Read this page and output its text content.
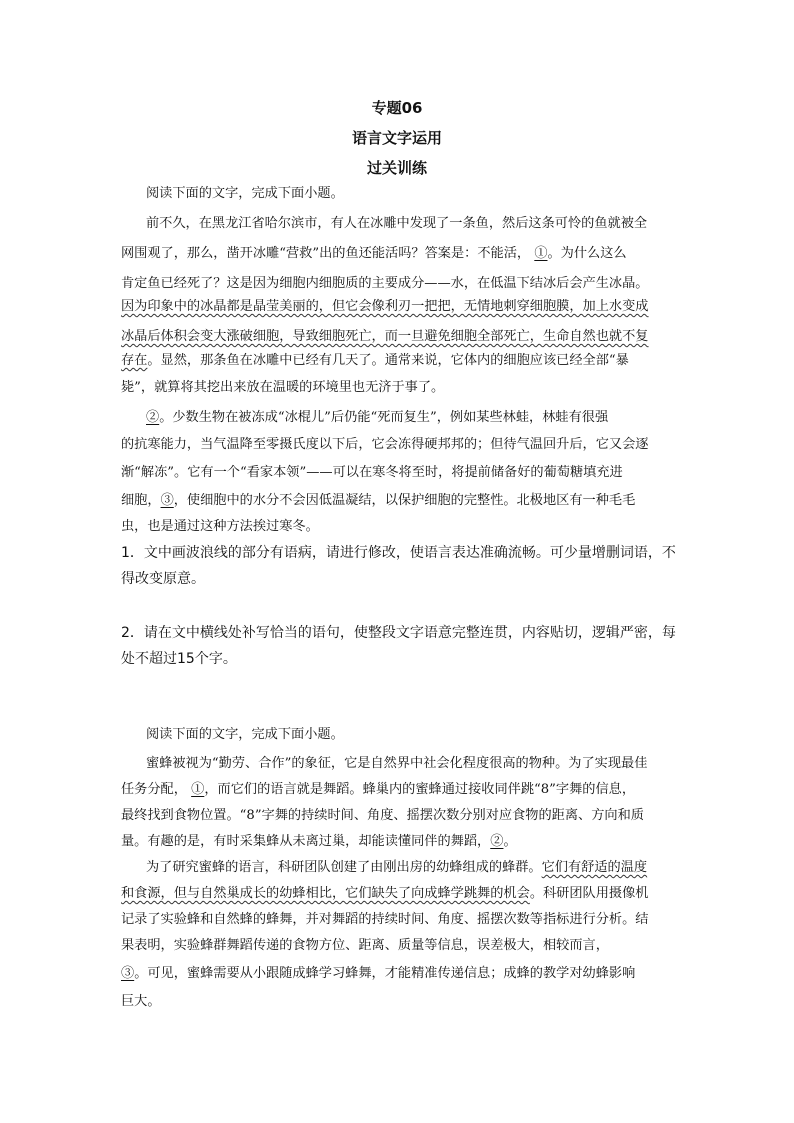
专题06
语言文字运用
过关训练
阅读下面的文字，完成下面小题。
前不久，在黑龙江省哈尔滨市，有人在冰雕中发现了一条鱼，然后这条可怜的鱼就被全
网围观了，那么，凿开冰雕“营救”出的鱼还能活吗？答案是：不能活， ①。为什么这么
肯定鱼已经死了？这是因为细胞内细胞质的主要成分——水，在低温下结冰后会产生冰晶。
因为印象中的冰晶都是晶莹美丽的，但它会像利刃一把把，无情地刺穿细胞膜，加上水变成
冰晶后体积会变大涨破细胞，导致细胞死亡，而一旦避免细胞全部死亡，生命自然也就不复
存在。显然，那条鱼在冰雕中已经有几天了。通常来说，它体内的细胞应该已经全部“暴
毙”，就算将其挖出来放在温暖的环境里也无济于事了。
②。少数生物在被冻成“冰棍儿”后仍能“死而复生”，例如某些林蛙，林蛙有很强
的抗寒能力，当气温降至零摄氏度以下后，它会冻得硬邦邦的；但待气温回升后，它又会逐
渐“解冻”。它有一个“看家本领”——可以在寒冬将至时，将提前储备好的葡萄糖填充进
细胞，③，使细胞中的水分不会因低温凝结，以保护细胞的完整性。北极地区有一种毛毛
虫，也是通过这种方法挨过寒冬。
1．文中画波浪线的部分有语病，请进行修改，使语言表达准确流畅。可少量增删词语，不
得改变原意。
2．请在文中横线处补写恰当的语句，使整段文字语意完整连贯，内容贴切，逻辑严密，每
处不超过15个字。
阅读下面的文字，完成下面小题。
蜜蜂被视为“勤劳、合作”的象征，它是自然界中社会化程度很高的物种。为了实现最佳
任务分配， ①，而它们的语言就是舞蹈。蜂巢内的蜜蜂通过接收同伴跳“8”字舞的信息，
最终找到食物位置。“8”字舞的持续时间、角度、摇摆次数分别对应食物的距离、方向和质
量。有趣的是，有时采集蜂从未离过巢，却能读懂同伴的舞蹈，②。
为了研究蜜蜂的语言，科研团队创建了由刚出房的幼蜂组成的蜂群。它们有舒适的温度
和食源，但与自然巢成长的幼蜂相比，它们缺失了向成蜂学跳舞的机会。科研团队用摄像机
记录了实验蜂和自然蜂的蜂舞，并对舞蹈的持续时间、角度、摇摆次数等指标进行分析。结
果表明，实验蜂群舞蹈传递的食物方位、距离、质量等信息，误差极大，相较而言，
③。可见，蜜蜂需要从小跟随成蜂学习蜂舞，才能精准传递信息；成蜂的教学对幼蜂影响
巨大。
